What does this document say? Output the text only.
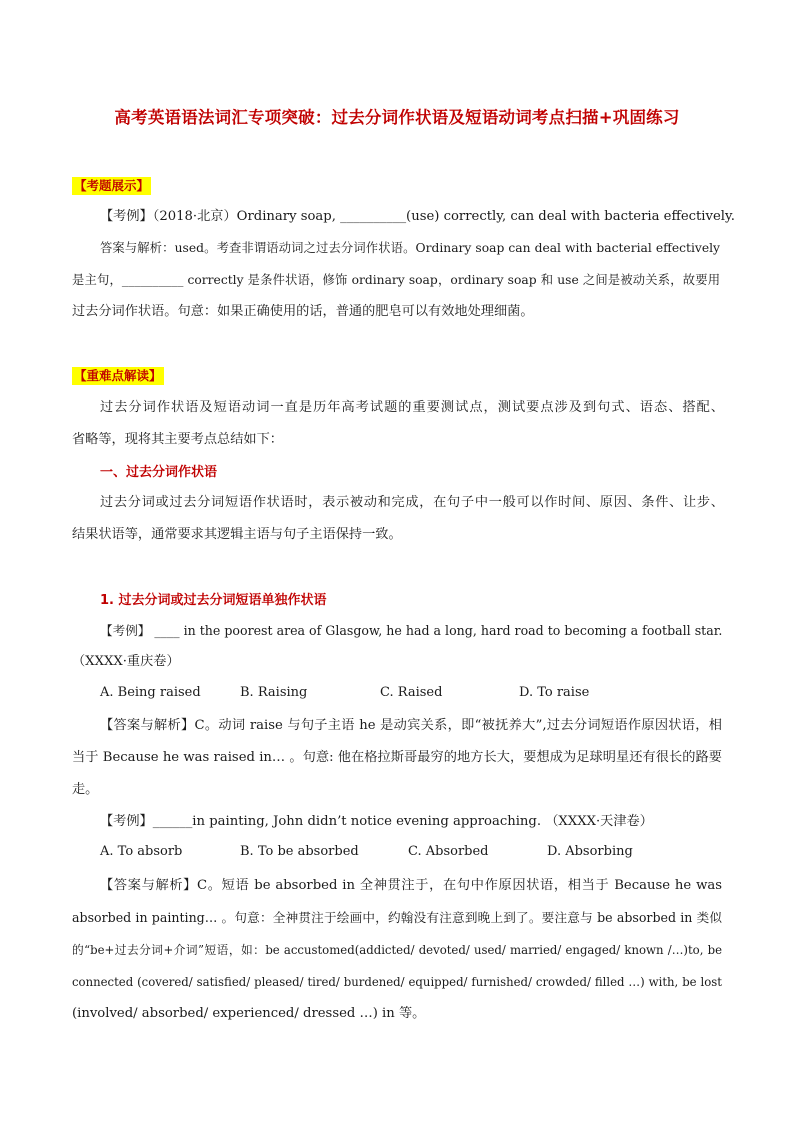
高考英语语法词汇专项突破：过去分词作状语及短语动词考点扫描+巩固练习
【考题展示】
【考例】（2018·北京）Ordinary soap, __________(use) correctly, can deal with bacteria effectively.
答案与解析：used。考查非谓语动词之过去分词作状语。Ordinary soap can deal with bacterial effectively
是主句，__________ correctly 是条件状语，修饰 ordinary soap，ordinary soap 和 use 之间是被动关系，故要用
过去分词作状语。句意：如果正确使用的话，普通的肥皂可以有效地处理细菌。
【重难点解读】
过去分词作状语及短语动词一直是历年高考试题的重要测试点，测试要点涉及到句式、语态、搭配、
省略等，现将其主要考点总结如下：
一、过去分词作状语
过去分词或过去分词短语作状语时，表示被动和完成，在句子中一般可以作时间、原因、条件、让步、
结果状语等，通常要求其逻辑主语与句子主语保持一致。
1. 过去分词或过去分词短语单独作状语
【考例】 ____ in the poorest area of Glasgow, he had a long, hard road to becoming a football star.
（XXXX·重庆卷）
A. Being raised	B. Raising	C. Raised	D. To raise
【答案与解析】C。动词 raise 与句子主语 he 是动宾关系，即“被抚养大”,过去分词短语作原因状语，相
当于 Because he was raised in… 。句意: 他在格拉斯哥最穷的地方长大，要想成为足球明星还有很长的路要
走。
【考例】______in painting, John didn’t notice evening approaching. （XXXX·天津卷）
A. To absorb	B. To be absorbed	C. Absorbed	D. Absorbing
【答案与解析】C。短语 be absorbed in 全神贯注于，在句中作原因状语，相当于 Because he was
absorbed in painting… 。句意：全神贯注于绘画中，约翰没有注意到晚上到了。要注意与 be absorbed in 类似
的“be+过去分词+介词”短语，如：be accustomed(addicted/ devoted/ used/ married/ engaged/ known /…)to, be
connected (covered/ satisfied/ pleased/ tired/ burdened/ equipped/ furnished/ crowded/ filled …) with, be lost
(involved/ absorbed/ experienced/ dressed …) in 等。
